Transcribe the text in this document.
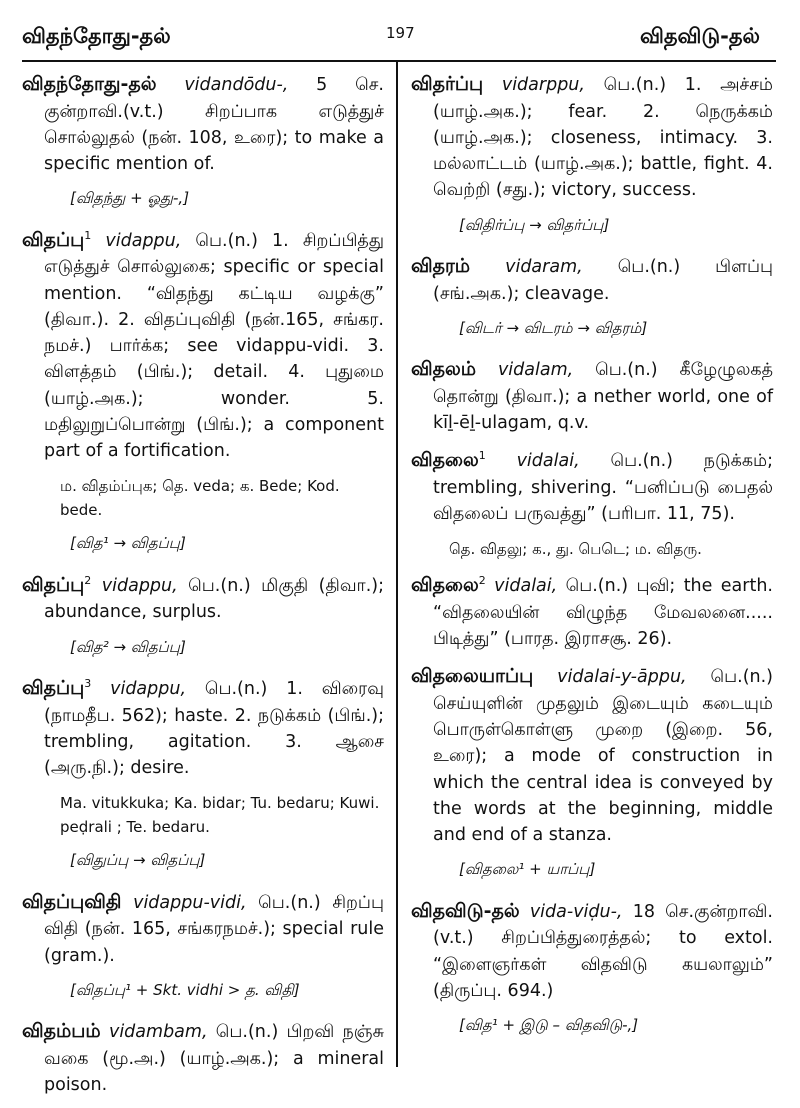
விதந்தோது-தல்	197	விதவிடு-தல்

விதந்தோது-தல் vidandōdu-, 5 செ. குன்றாவி.(v.t.) சிறப்பாக எடுத்துச் சொல்லுதல் (நன். 108, உரை); to make a specific mention of.

[விதந்து + ஓது-,]

விதப்பு$^1$ vidappu, பெ.(n.) 1. சிறப்பித்து எடுத்துச் சொல்லுகை; specific or special mention. “விதந்து கட்டிய வழக்கு” (திவா.). 2. விதப்புவிதி (நன்.165, சங்கர. நமச்.) பார்க்க; see vidappu-vidi. 3. விளத்தம் (பிங்.); detail. 4. புதுமை (யாழ்.அக.); wonder. 5. மதிலுறுப்பொன்று (பிங்.); a component part of a fortification.

ம. விதம்ப்புக; தெ. veda; க. Bede; Kod. bede.
[வித¹ → விதப்பு]

விதப்பு$^2$ vidappu, பெ.(n.) மிகுதி (திவா.); abundance, surplus.

[வித² → விதப்பு]

விதப்பு$^3$ vidappu, பெ.(n.) 1. விரைவு (நாமதீப. 562); haste. 2. நடுக்கம் (பிங்.); trembling, agitation. 3. ஆசை (அரு.நி.); desire.

Ma. vitukkuka; Ka. bidar; Tu. bedaru; Kuwi. peḍrali ; Te. bedaru.
[விதுப்பு → விதப்பு]

விதப்புவிதி vidappu-vidi, பெ.(n.) சிறப்பு விதி (நன். 165, சங்கரநமச்.); special rule (gram.).

[விதப்பு¹ + Skt. vidhi > த. விதி]

விதம்பம் vidambam, பெ.(n.) பிறவி நஞ்சு வகை (மூ.அ.) (யாழ்.அக.); a mineral poison.

விதர்ப்பு vidarppu, பெ.(n.) 1. அச்சம் (யாழ்.அக.); fear. 2. நெருக்கம் (யாழ்.அக.); closeness, intimacy. 3. மல்லாட்டம் (யாழ்.அக.); battle, fight. 4. வெற்றி (சது.); victory, success.

[விதிர்ப்பு → விதர்ப்பு]

விதரம் vidaram, பெ.(n.) பிளப்பு (சங்.அக.); cleavage.

[விடர் → விடரம் → விதரம்]

விதலம் vidalam, பெ.(n.) கீழேழுலகத் தொன்று (திவா.); a nether world, one of kīḻ-ēḻ-ulagam, q.v.

விதலை$^1$ vidalai, பெ.(n.) நடுக்கம்; trembling, shivering. “பனிப்படு பைதல் விதலைப் பருவத்து” (பரிபா. 11, 75).

தெ. விதலு; க., து. பெடெ; ம. விதரு.

விதலை$^2$ vidalai, பெ.(n.) புவி; the earth. “விதலையின் விழுந்த மேவலனை..... பிடித்து” (பாரத. இராசசூ. 26).

விதலையாப்பு vidalai-y-āppu, பெ.(n.) செய்யுளின் முதலும் இடையும் கடையும் பொருள்கொள்ளு முறை (இறை. 56, உரை); a mode of construction in which the central idea is conveyed by the words at the beginning, middle and end of a stanza.

[விதலை¹ + யாப்பு]

விதவிடு-தல் vida-viḍu-, 18 செ.குன்றாவி. (v.t.) சிறப்பித்துரைத்தல்; to extol. “இளைஞர்கள் விதவிடு கயலாலும்” (திருப்பு. 694.)

[வித¹ + இடு – விதவிடு-,]
